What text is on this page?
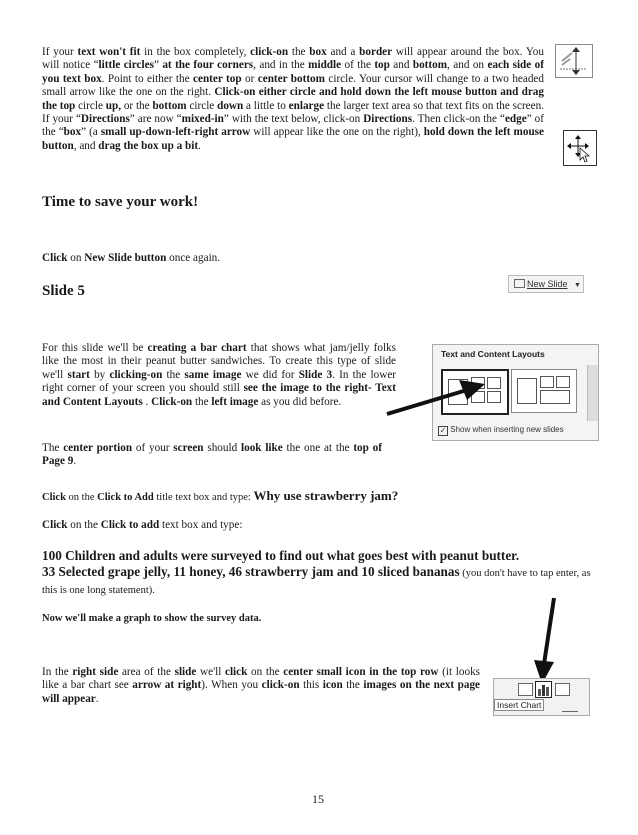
If your text won't fit in the box completely, click-on the box and a border will appear around the box. You will notice “little circles” at the four corners, and in the middle of the top and bottom, and on each side of you text box. Point to either the center top or center bottom circle. Your cursor will change to a two headed small arrow like the one on the right. Click-on either circle and hold down the left mouse button and drag the top circle up, or the bottom circle down a little to enlarge the larger text area so that text fits on the screen. If your “Directions” are now “mixed-in” with the text below, click-on Directions. Then click-on the “edge” of the “box” (a small up-down-left-right arrow will appear like the one on the right), hold down the left mouse button, and drag the box up a bit.
Time to save your work!
Click on New Slide button once again.
Slide 5	New Slide ▼
For this slide we'll be creating a bar chart that shows what jam/jelly folks like the most in their peanut butter sandwiches. To create this type of slide we'll start by clicking-on the same image we did for Slide 3. In the lower right corner of your screen you should still see the image to the right- Text and Content Layouts . Click-on the left image as you did before.
Text and Content Layouts
✓ Show when inserting new slides
The center portion of your screen should look like the one at the top of Page 9.
Click on the Click to Add title text box and type: Why use strawberry jam?
Click on the Click to add text box and type:
100 Children and adults were surveyed to find out what goes best with peanut butter.
33 Selected grape jelly, 11 honey, 46 strawberry jam and 10 sliced bananas (you don't have to tap enter, as this is one long statement).
Now we'll make a graph to show the survey data.
In the right side area of the slide we'll click on the center small icon in the top row (it looks like a bar chart see arrow at right). When you click-on this icon the images on the next page will appear.
Insert Chart
15
